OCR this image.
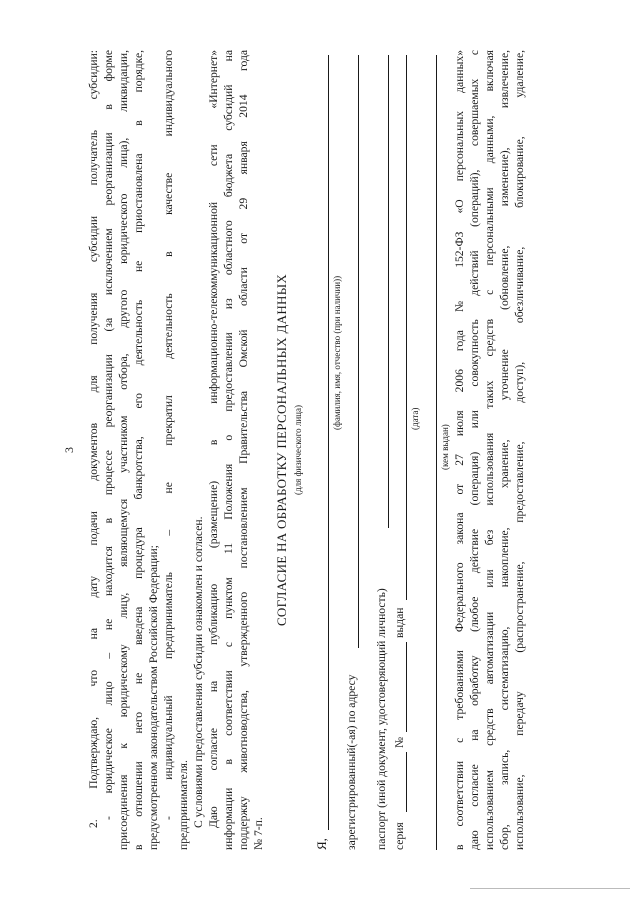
3 2. Подтверждаю, что на дату подачи документов для получения субсидии получатель субсидии: - юридическое лицо – не находится в процессе реорганизации (за исключением реорганизации в форме присоединения к юридическому лицу, являющемуся участником отбора, другого юридического лица), ликвидации, в отношении него не введена процедура банкротства, его деятельность не приостановлена в порядке, предусмотренном законодательством Российской Федерации; - индивидуальный предприниматель – не прекратил деятельность в качестве индивидуального предпринимателя. С условиями предоставления субсидии ознакомлен и согласен. Даю согласие на публикацию (размещение) в информационно-телекоммуникационной сети «Интернет» информации в соответствии с пунктом 11 Положения о предоставлении из областного бюджета субсидий на поддержку животноводства, утвержденного постановлением Правительства Омской области от 29 января 2014 года № 7-п.
СОГЛАСИЕ НА ОБРАБОТКУ ПЕРСОНАЛЬНЫХ ДАННЫХ (для физического лица)
Я,
(фамилия, имя, отчество (при наличии))
зарегистрированный(-ая) по адресу паспорт (иной документ, удостоверяющий личность) серия
№
выдан
(дата)
(кем выдан) в соответствии с требованиями Федерального закона от 27 июля 2006 года № 152-ФЗ «О персональных данных» даю согласие на обработку (любое действие (операция) или совокупность действий (операций), совершаемых с использованием средств автоматизации или без использования таких средств с персональными данными, включая сбор, запись, систематизацию, накопление, хранение, уточнение (обновление, изменение), извлечение, использование, передачу (распространение, предоставление, доступ), обезличивание, блокирование, удаление,
